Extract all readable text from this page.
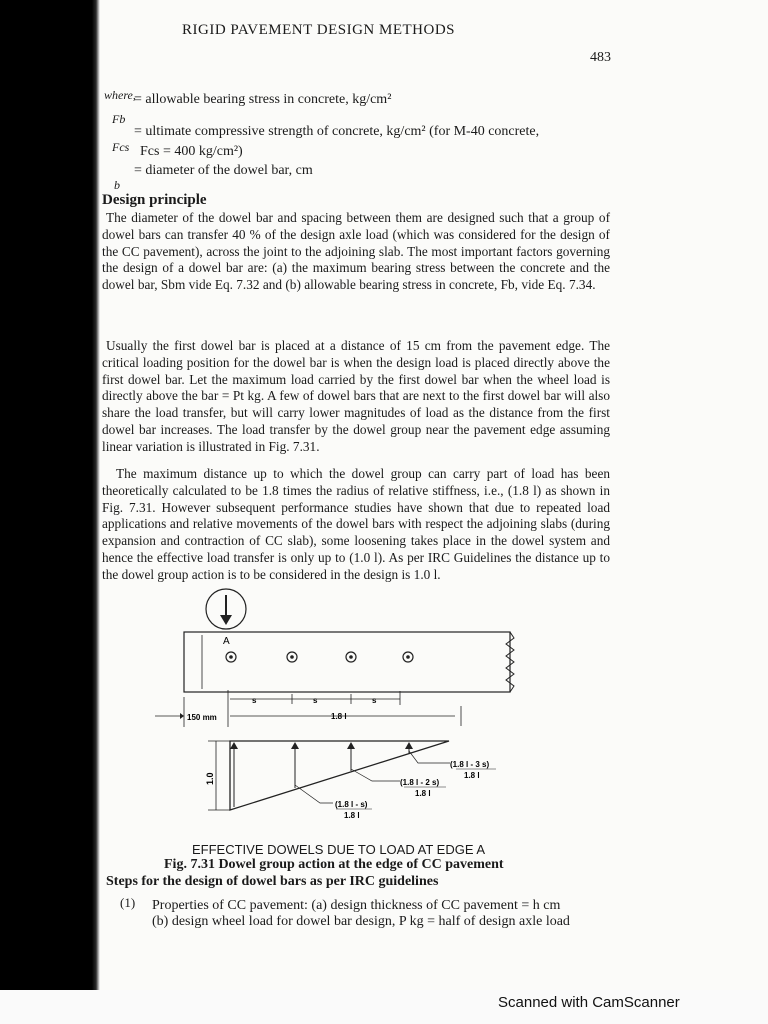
RIGID PAVEMENT DESIGN METHODS
483
where,
Fb
= allowable bearing stress in concrete, kg/cm²
Fcs
= ultimate compressive strength of concrete, kg/cm² (for M-40 concrete,
Fcs = 400 kg/cm²)
b
= diameter of the dowel bar, cm
Design principle

The diameter of the dowel bar and spacing between them are designed such that a group of dowel bars can transfer 40 % of the design axle load (which was considered for the design of the CC pavement), across the joint to the adjoining slab. The most important factors governing the design of a dowel bar are: (a) the maximum bearing stress between the concrete and the dowel bar, Sbm vide Eq. 7.32 and (b) allowable bearing stress in concrete, Fb, vide Eq. 7.34.

Usually the first dowel bar is placed at a distance of 15 cm from the pavement edge. The critical loading position for the dowel bar is when the design load is placed directly above the first dowel bar. Let the maximum load carried by the first dowel bar when the wheel load is directly above the bar = Pt kg. A few of dowel bars that are next to the first dowel bar will also share the load transfer, but will carry lower magnitudes of load as the distance from the first dowel bar increases. The load transfer by the dowel group near the pavement edge assuming linear variation is illustrated in Fig. 7.31.

The maximum distance up to which the dowel group can carry part of load has been theoretically calculated to be 1.8 times the radius of relative stiffness, i.e., (1.8 l) as shown in Fig. 7.31. However subsequent performance studies have shown that due to repeated load applications and relative movements of the dowel bars with respect the adjoining slabs (during expansion and contraction of CC slab), some loosening takes place in the dowel system and hence the effective load transfer is only up to (1.0 l). As per IRC Guidelines the distance up to the dowel group action is to be considered in the design is 1.0 l.

A
150 mm
s	s	s
1.8 l
1.0
(1.8 l - 3 s)
1.8 l
(1.8 l - 2 s)
1.8 l
(1.8 l - s)
1.8 l
EFFECTIVE DOWELS DUE TO LOAD AT EDGE A
Fig. 7.31 Dowel group action at the edge of CC pavement
Steps for the design of dowel bars as per IRC guidelines
(1) Properties of CC pavement: (a) design thickness of CC pavement = h cm
(b) design wheel load for dowel bar design, P kg = half of design axle load
Scanned with CamScanner
